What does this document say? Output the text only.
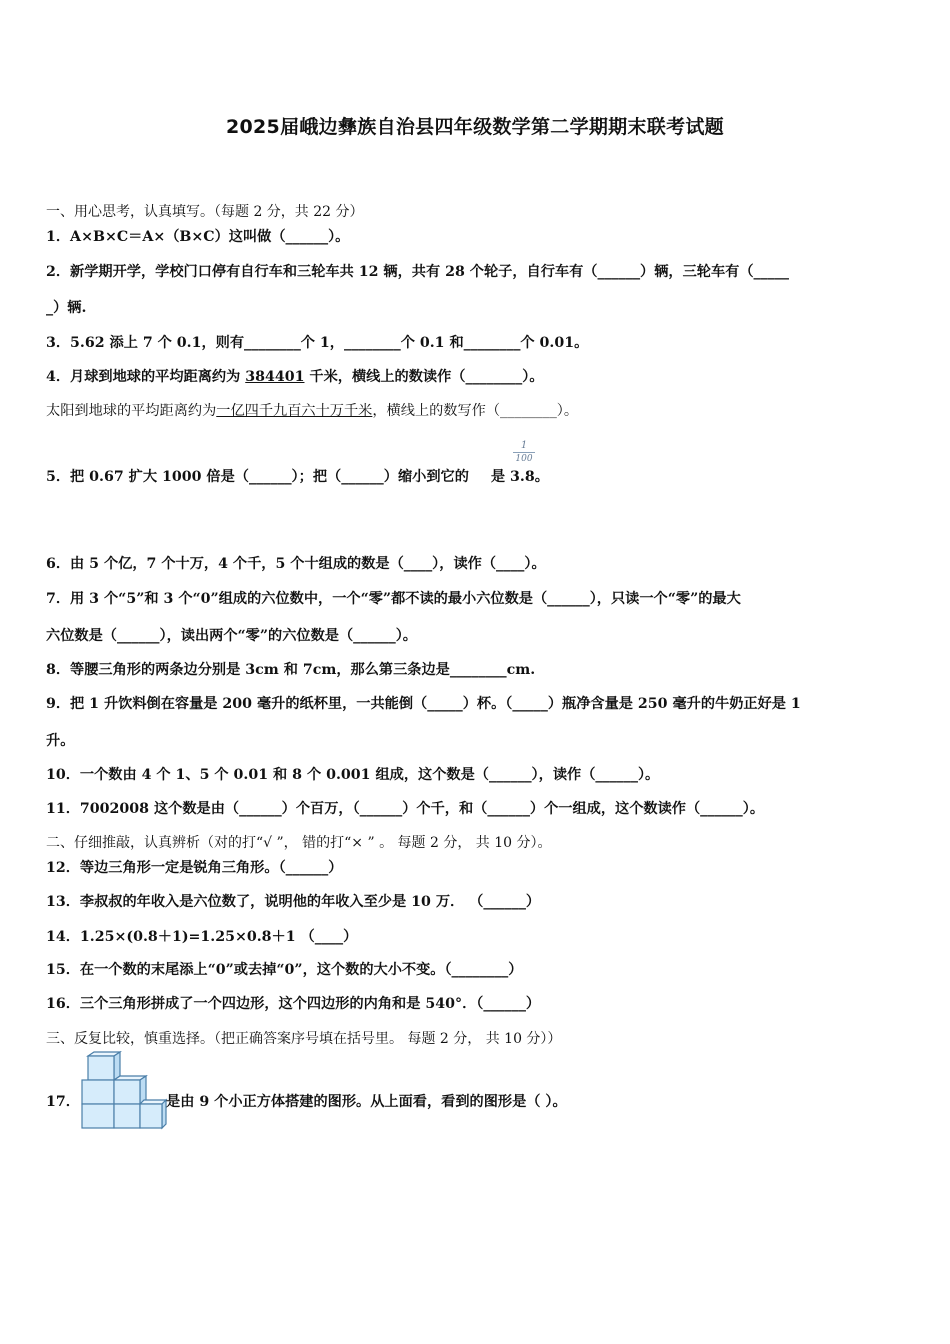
2025届峨边彝族自治县四年级数学第二学期期末联考试题
一、用心思考，认真填写。（每题 2 分，共 22 分）
1．A×B×C＝A×（B×C）这叫做（______）。
2．新学期开学，学校门口停有自行车和三轮车共 12 辆，共有 28 个轮子，自行车有（______）辆，三轮车有（_____
_）辆.
3．5.62 添上 7 个 0.1，则有________个 1，________个 0.1 和________个 0.01。
4．月球到地球的平均距离约为 384401 千米，横线上的数读作（________）。
太阳到地球的平均距离约为一亿四千九百六十万千米，横线上的数写作（________）。
5．把 0.67 扩大 1000 倍是（______）；把（______）缩小到它的 是 3.8。
1
100
6．由 5 个亿，7 个十万，4 个千，5 个十组成的数是（____），读作（____）。
7．用 3 个“5”和 3 个“0”组成的六位数中，一个“零”都不读的最小六位数是（______），只读一个“零”的最大
六位数是（______），读出两个“零”的六位数是（______）。
8．等腰三角形的两条边分别是 3cm 和 7cm，那么第三条边是________cm.
9．把 1 升饮料倒在容量是 200 毫升的纸杯里，一共能倒（_____）杯。（_____）瓶净含量是 250 毫升的牛奶正好是 1
升。
10．一个数由 4 个 1、5 个 0.01 和 8 个 0.001 组成，这个数是（______），读作（______）。
11．7002008 这个数是由（______）个百万，（______）个千，和（______）个一组成，这个数读作（______）。
二、仔细推敲，认真辨析（对的打“√ ”， 错的打“× ” 。 每题 2 分， 共 10 分）。
12．等边三角形一定是锐角三角形。（______）
13．李叔叔的年收入是六位数了，说明他的年收入至少是 10 万． （______）
14．1.25×(0.8＋1)=1.25×0.8＋1 （____）
15．在一个数的末尾添上“0”或去掉“0”，这个数的大小不变。（________）
16．三个三角形拼成了一个四边形，这个四边形的内角和是 540°．（______）
三、反复比较，慎重选择。（把正确答案序号填在括号里。 每题 2 分， 共 10 分））
17．	是由 9 个小正方体搭建的图形。从上面看，看到的图形是（ ）。
